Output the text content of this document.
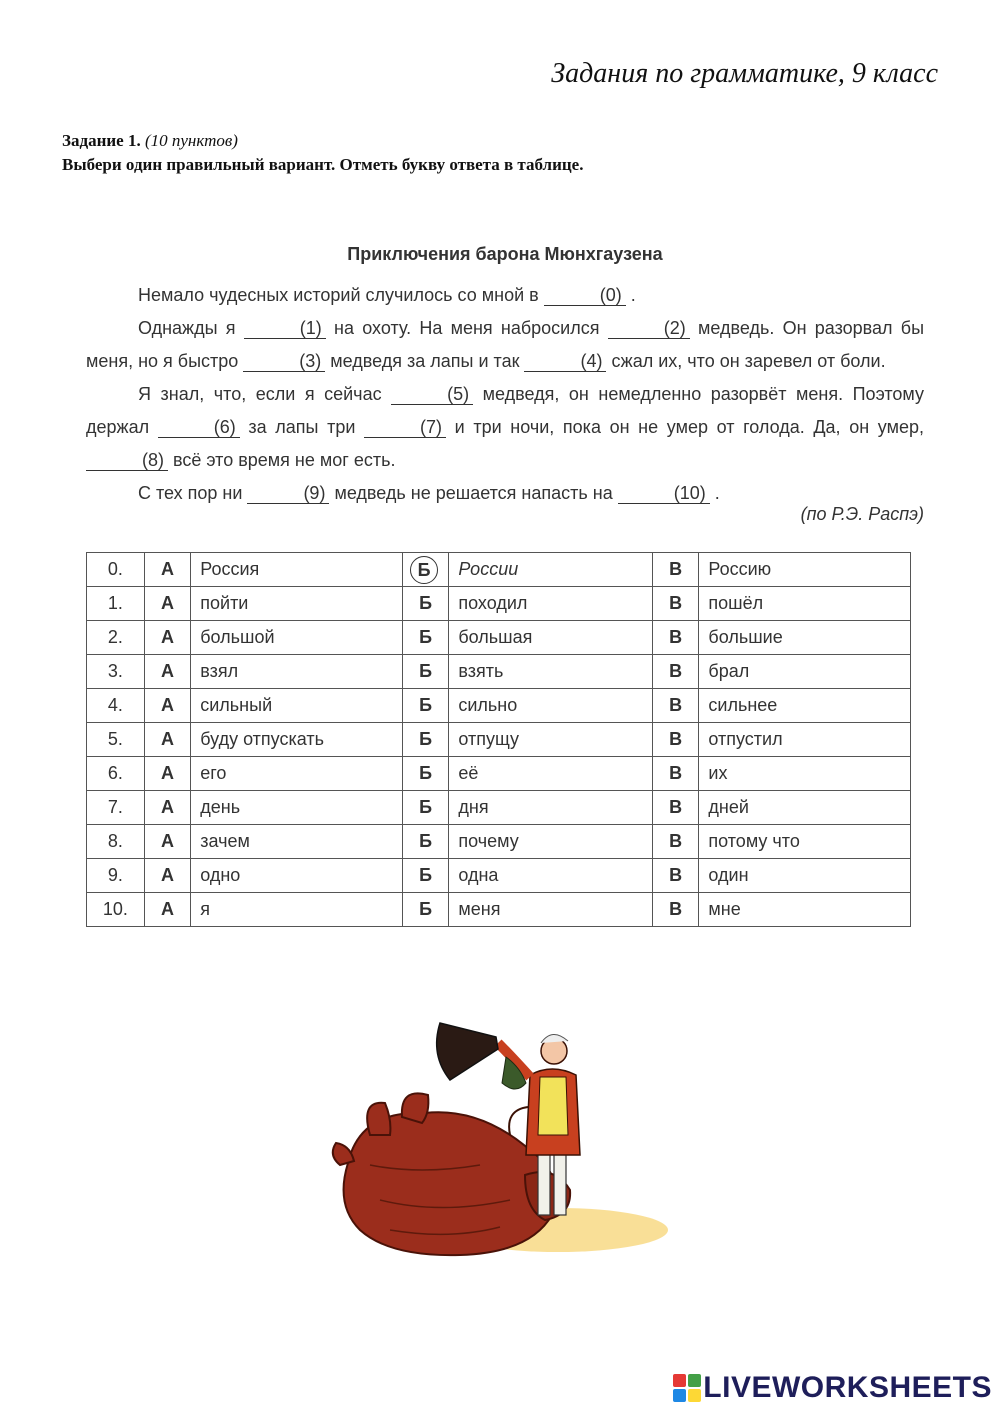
Задания по грамматике, 9 класс
Задание 1. (10 пунктов)
Выбери один правильный вариант. Отметь букву ответа в таблице.
Приключения барона Мюнхгаузена

Немало чудесных историй случилось со мной в	(0) .

Однажды я	(1) на охоту. На меня набросился	(2) медведь. Он разорвал бы меня, но я быстро	(3) медведя за лапы и так	(4) сжал их, что он заревел от боли.

Я знал, что, если я сейчас	(5) медведя, он немедленно разорвёт меня. Поэтому держал	(6) за лапы три	(7) и три ночи, пока он не умер от голода. Да, он умер, (8) всё это время не мог есть.

С тех пор ни	(9) медведь не решается напасть на	(10) .

(по Р.Э. Распэ)
0.	А	Россия	Б	России	В	Россию
1.	А	пойти	Б	походил	В	пошёл
2.	А	большой	Б	большая	В	большие
3.	А	взял	Б	взять	В	брал
4.	А	сильный	Б	сильно	В	сильнее
5.	А	буду отпускать	Б	отпущу	В	отпустил
6.	А	его	Б	её	В	их
7.	А	день	Б	дня	В	дней
8.	А	зачем	Б	почему	В	потому что
9.	А	одно	Б	одна	В	один
10.	А	я	Б	меня	В	мне
LIVEWORKSHEETS
